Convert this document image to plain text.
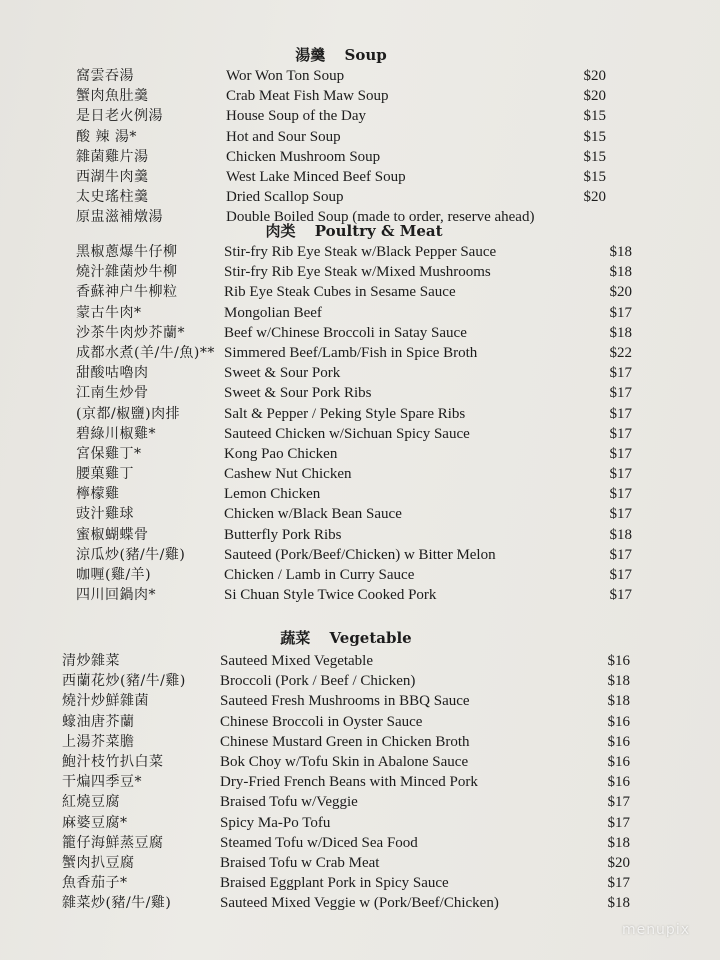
湯羹 Soup
窩雲吞湯	Wor Won Ton Soup	$20
蟹肉魚肚羹	Crab Meat Fish Maw Soup	$20
是日老火例湯	House Soup of the Day	$15
酸 辣 湯*	Hot and Sour Soup	$15
雜菌雞片湯	Chicken Mushroom Soup	$15
西湖牛肉羹	West Lake Minced Beef Soup	$15
太史瑤柱羹	Dried Scallop Soup	$20
原盅滋補燉湯	Double Boiled Soup (made to order, reserve ahead)
肉类 Poultry & Meat
黑椒蔥爆牛仔柳	Stir-fry Rib Eye Steak w/Black Pepper Sauce	$18
燒汁雜菌炒牛柳	Stir-fry Rib Eye Steak w/Mixed Mushrooms	$18
香蘇神户牛柳粒	Rib Eye Steak Cubes in Sesame Sauce	$20
蒙古牛肉*	Mongolian Beef	$17
沙茶牛肉炒芥蘭*	Beef w/Chinese Broccoli in Satay Sauce	$18
成都水煮(羊/牛/魚)** Simmered Beef/Lamb/Fish in Spice Broth	$22
甜酸咕嚕肉	Sweet & Sour Pork	$17
江南生炒骨	Sweet & Sour Pork Ribs	$17
(京都/椒鹽)肉排	Salt & Pepper / Peking Style Spare Ribs	$17
碧綠川椒雞*	Sauteed Chicken w/Sichuan Spicy Sauce	$17
宮保雞丁*	Kong Pao Chicken	$17
腰菓雞丁	Cashew Nut Chicken	$17
檸檬雞	Lemon Chicken	$17
豉汁雞球	Chicken w/Black Bean Sauce	$17
蜜椒蝴蝶骨	Butterfly Pork Ribs	$18
涼瓜炒(豬/牛/雞)	Sauteed (Pork/Beef/Chicken) w Bitter Melon	$17
咖喱(雞/羊)	Chicken / Lamb in Curry Sauce	$17
四川回鍋肉*	Si Chuan Style Twice Cooked Pork	$17
蔬菜 Vegetable
清炒雜菜	Sauteed Mixed Vegetable	$16
西蘭花炒(豬/牛/雞)	Broccoli (Pork / Beef / Chicken)	$18
燒汁炒鮮雜菌	Sauteed Fresh Mushrooms in BBQ Sauce	$18
蠔油唐芥蘭	Chinese Broccoli in Oyster Sauce	$16
上湯芥菜膽	Chinese Mustard Green in Chicken Broth	$16
鮑汁枝竹扒白菜	Bok Choy w/Tofu Skin in Abalone Sauce	$16
干煸四季豆*	Dry-Fried French Beans with Minced Pork	$16
紅燒豆腐	Braised Tofu w/Veggie	$17
麻婆豆腐*	Spicy Ma-Po Tofu	$17
籠仔海鮮蒸豆腐	Steamed Tofu w/Diced Sea Food	$18
蟹肉扒豆腐	Braised Tofu w Crab Meat	$20
魚香茄子*	Braised Eggplant Pork in Spicy Sauce	$17
雜菜炒(豬/牛/雞)	Sauteed Mixed Veggie w (Pork/Beef/Chicken)	$18
menupix
